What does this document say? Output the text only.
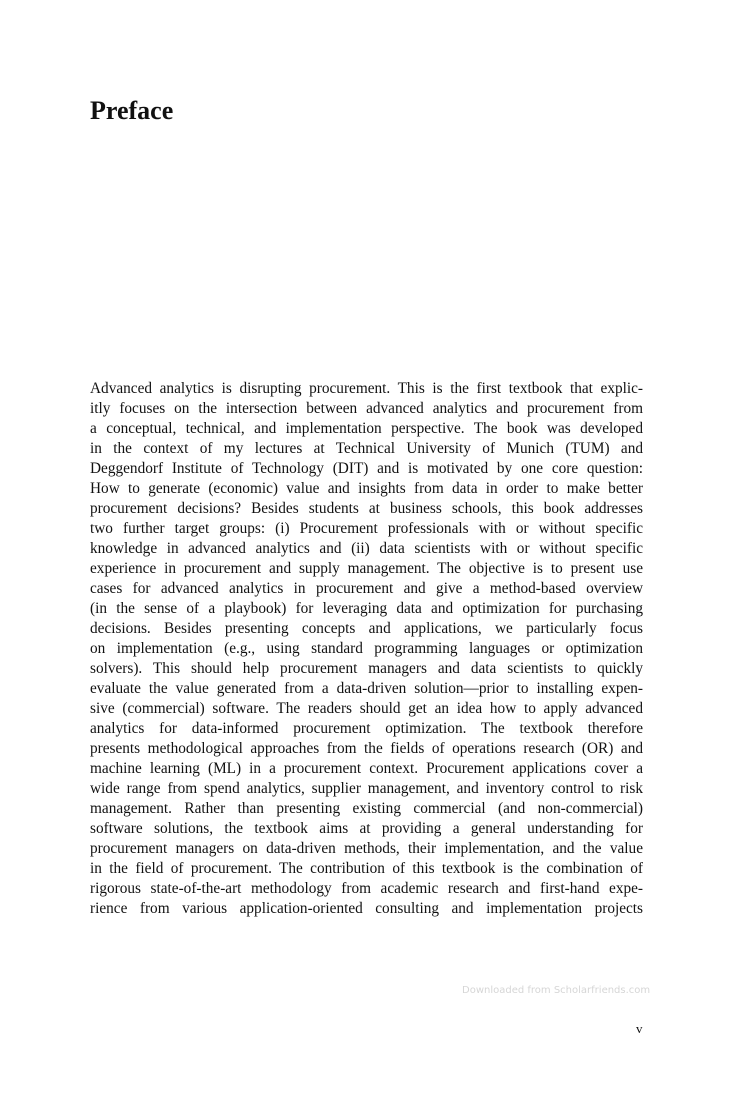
Preface
Advanced analytics is disrupting procurement. This is the first textbook that explic-
itly focuses on the intersection between advanced analytics and procurement from
a conceptual, technical, and implementation perspective. The book was developed
in the context of my lectures at Technical University of Munich (TUM) and
Deggendorf Institute of Technology (DIT) and is motivated by one core question:
How to generate (economic) value and insights from data in order to make better
procurement decisions? Besides students at business schools, this book addresses
two further target groups: (i) Procurement professionals with or without specific
knowledge in advanced analytics and (ii) data scientists with or without specific
experience in procurement and supply management. The objective is to present use
cases for advanced analytics in procurement and give a method-based overview
(in the sense of a playbook) for leveraging data and optimization for purchasing
decisions. Besides presenting concepts and applications, we particularly focus
on implementation (e.g., using standard programming languages or optimization
solvers). This should help procurement managers and data scientists to quickly
evaluate the value generated from a data-driven solution—prior to installing expen-
sive (commercial) software. The readers should get an idea how to apply advanced
analytics for data-informed procurement optimization. The textbook therefore
presents methodological approaches from the fields of operations research (OR) and
machine learning (ML) in a procurement context. Procurement applications cover a
wide range from spend analytics, supplier management, and inventory control to risk
management. Rather than presenting existing commercial (and non-commercial)
software solutions, the textbook aims at providing a general understanding for
procurement managers on data-driven methods, their implementation, and the value
in the field of procurement. The contribution of this textbook is the combination of
rigorous state-of-the-art methodology from academic research and first-hand expe-
rience from various application-oriented consulting and implementation projects
Downloaded from Scholarfriends.com
v
